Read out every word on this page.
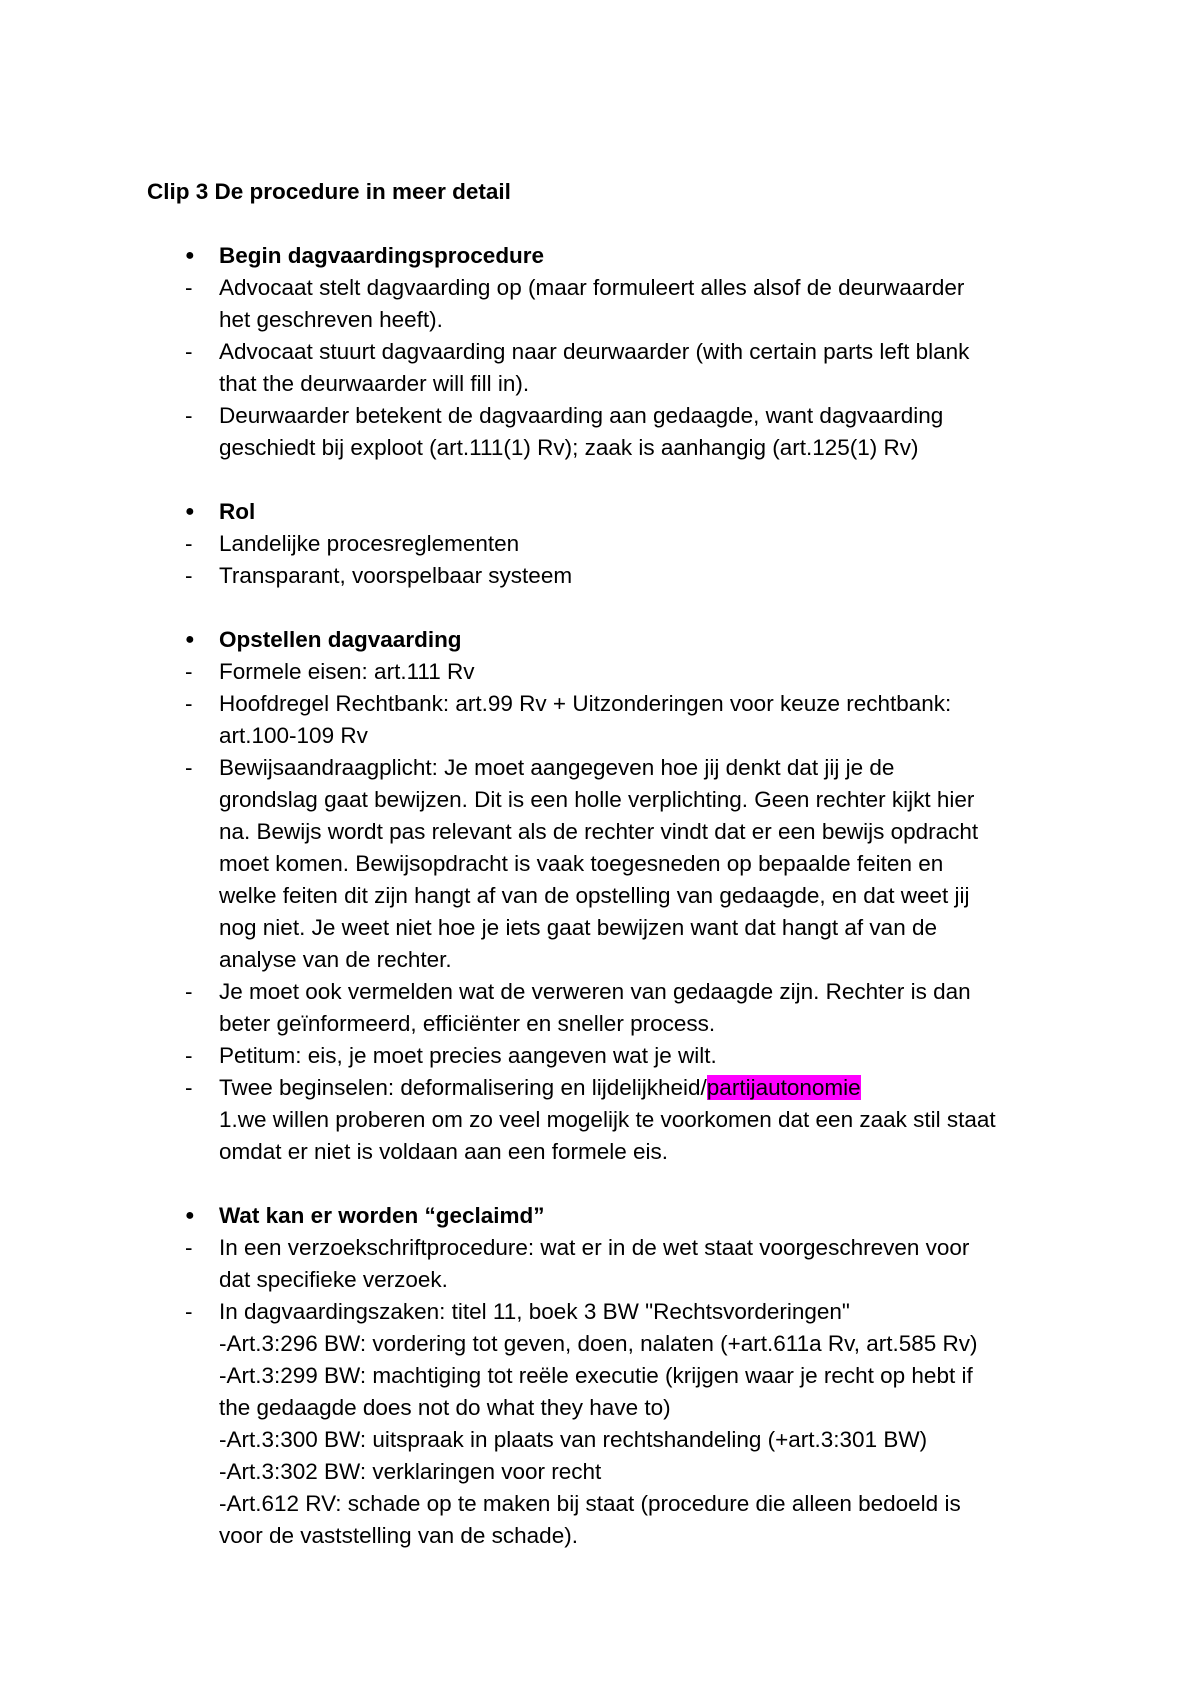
Clip 3 De procedure in meer detail
● Begin dagvaardingsprocedure
- Advocaat stelt dagvaarding op (maar formuleert alles alsof de deurwaarder
het geschreven heeft).
- Advocaat stuurt dagvaarding naar deurwaarder (with certain parts left blank
that the deurwaarder will fill in).
- Deurwaarder betekent de dagvaarding aan gedaagde, want dagvaarding
geschiedt bij exploot (art.111(1) Rv); zaak is aanhangig (art.125(1) Rv)
● Rol
- Landelijke procesreglementen
- Transparant, voorspelbaar systeem
● Opstellen dagvaarding
- Formele eisen: art.111 Rv
- Hoofdregel Rechtbank: art.99 Rv + Uitzonderingen voor keuze rechtbank:
art.100-109 Rv
- Bewijsaandraagplicht: Je moet aangegeven hoe jij denkt dat jij je de
grondslag gaat bewijzen. Dit is een holle verplichting. Geen rechter kijkt hier
na. Bewijs wordt pas relevant als de rechter vindt dat er een bewijs opdracht
moet komen. Bewijsopdracht is vaak toegesneden op bepaalde feiten en
welke feiten dit zijn hangt af van de opstelling van gedaagde, en dat weet jij
nog niet. Je weet niet hoe je iets gaat bewijzen want dat hangt af van de
analyse van de rechter.
- Je moet ook vermelden wat de verweren van gedaagde zijn. Rechter is dan
beter geïnformeerd, efficiënter en sneller process.
- Petitum: eis, je moet precies aangeven wat je wilt.
- Twee beginselen: deformalisering en lijdelijkheid/partijautonomie
1.we willen proberen om zo veel mogelijk te voorkomen dat een zaak stil staat
omdat er niet is voldaan aan een formele eis.
● Wat kan er worden “geclaimd”
- In een verzoekschriftprocedure: wat er in de wet staat voorgeschreven voor
dat specifieke verzoek.
- In dagvaardingszaken: titel 11, boek 3 BW "Rechtsvorderingen"
-Art.3:296 BW: vordering tot geven, doen, nalaten (+art.611a Rv, art.585 Rv)
-Art.3:299 BW: machtiging tot reële executie (krijgen waar je recht op hebt if
the gedaagde does not do what they have to)
-Art.3:300 BW: uitspraak in plaats van rechtshandeling (+art.3:301 BW)
-Art.3:302 BW: verklaringen voor recht
-Art.612 RV: schade op te maken bij staat (procedure die alleen bedoeld is
voor de vaststelling van de schade).
